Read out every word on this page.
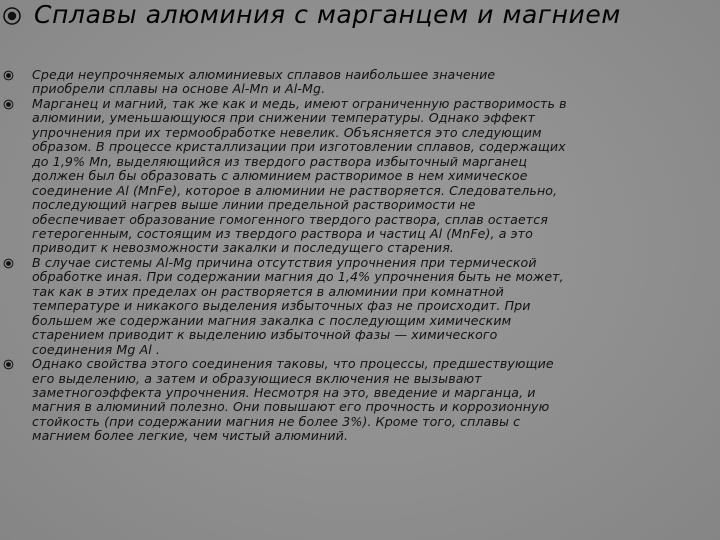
Сплавы алюминия с марганцем и магнием
Среди неупрочняемых алюминиевых сплавов наибольшее значение
приобрели сплавы на основе Al-Mn и Al-Mg.
Марганец и магний, так же как и медь, имеют ограниченную растворимость в
алюминии, уменьшающуюся при снижении температуры. Однако эффект
упрочнения при их термообработке невелик. Объясняется это следующим
образом. В процессе кристаллизации при изготовлении сплавов, содержащих
до 1,9% Mn, выделяющийся из твердого раствора избыточный марганец
должен был бы образовать с алюминием растворимое в нем химическое
соединение Al (MnFe), которое в алюминии не растворяется. Следовательно,
последующий нагрев выше линии предельной растворимости не
обеспечивает образование гомогенного твердого раствора, сплав остается
гетерогенным, состоящим из твердого раствора и частиц Al (MnFe), а это
приводит к невозможности закалки и последущего старения.
В случае системы Al-Mg причина отсутствия упрочнения при термической
обработке иная. При содержании магния до 1,4% упрочнения быть не может,
так как в этих пределах он растворяется в алюминии при комнатной
температуре и никакого выделения избыточных фаз не происходит. При
большем же содержании магния закалка с последующим химическим
старением приводит к выделению избыточной фазы — химического
соединения Mg Al .
Однако свойства этого соединения таковы, что процессы, предшествующие
его выделению, а затем и образующиеся включения не вызывают
заметногоэффекта упрочнения. Несмотря на это, введение и марганца, и
магния в алюминий полезно. Они повышают его прочность и коррозионную
стойкость (при содержании магния не более 3%). Кроме того, сплавы с
магнием более легкие, чем чистый алюминий.
